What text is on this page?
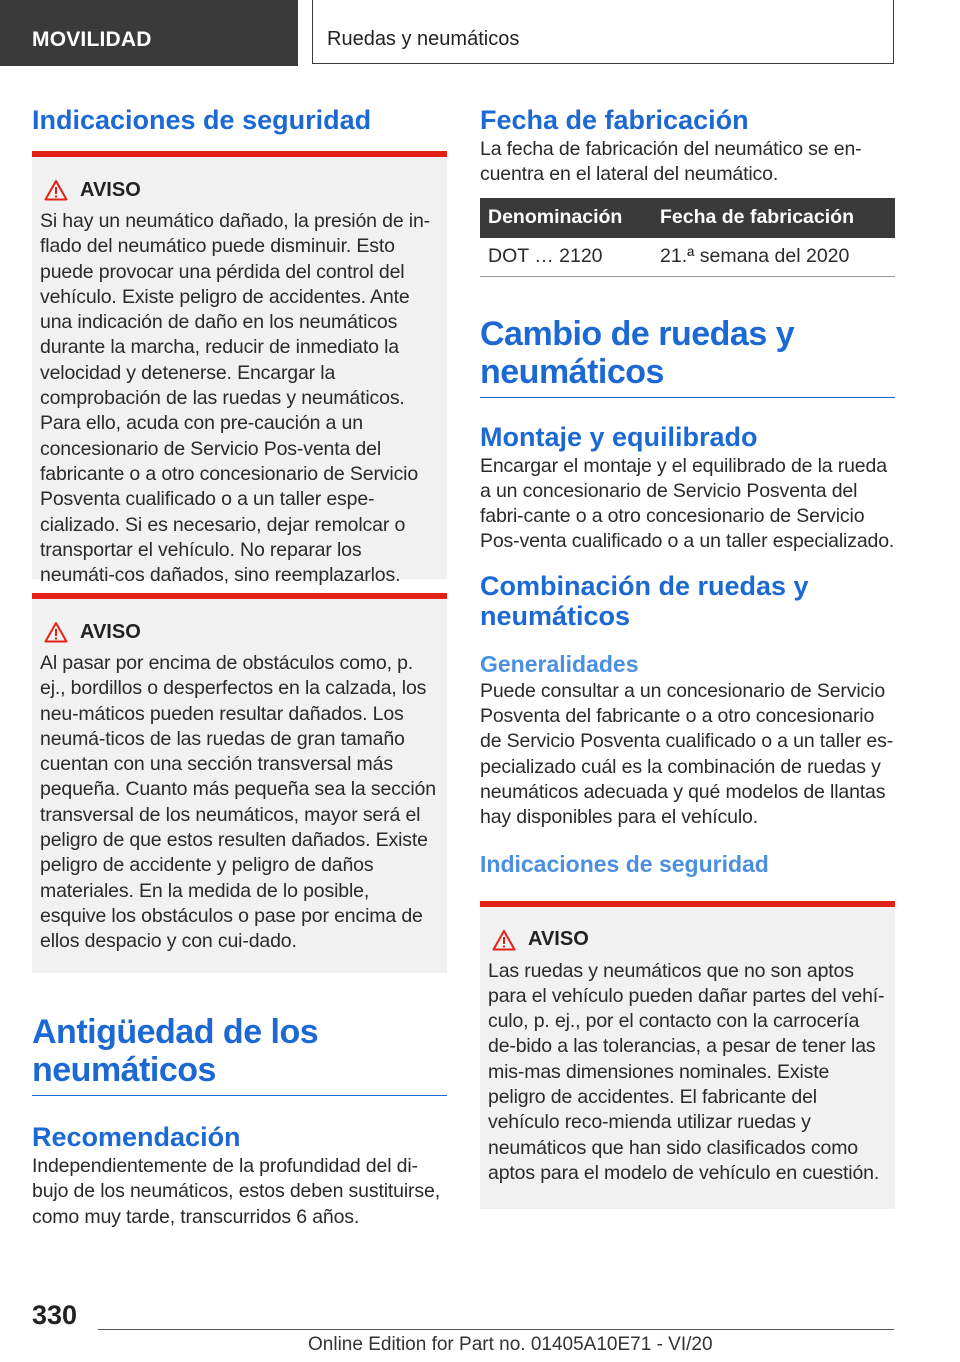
MOVILIDAD	Ruedas y neumáticos
Indicaciones de seguridad
AVISO

Si hay un neumático dañado, la presión de in-flado del neumático puede disminuir. Esto puede provocar una pérdida del control del vehículo. Existe peligro de accidentes. Ante una indicación de daño en los neumáticos durante la marcha, reducir de inmediato la velocidad y detenerse. Encargar la comprobación de las ruedas y neumáticos. Para ello, acuda con pre-caución a un concesionario de Servicio Pos-venta del fabricante o a otro concesionario de Servicio Posventa cualificado o a un taller espe-cializado. Si es necesario, dejar remolcar o transportar el vehículo. No reparar los neumáti-cos dañados, sino reemplazarlos.

AVISO

Al pasar por encima de obstáculos como, p. ej., bordillos o desperfectos en la calzada, los neu-máticos pueden resultar dañados. Los neumá-ticos de las ruedas de gran tamaño cuentan con una sección transversal más pequeña. Cuanto más pequeña sea la sección transversal de los neumáticos, mayor será el peligro de que estos resulten dañados. Existe peligro de accidente y peligro de daños materiales. En la medida de lo posible, esquive los obstáculos o pase por encima de ellos despacio y con cui-dado.

Antigüedad de los neumáticos
Recomendación

Independientemente de la profundidad del di-bujo de los neumáticos, estos deben sustituirse, como muy tarde, transcurridos 6 años.

Fecha de fabricación

La fecha de fabricación del neumático se en-cuentra en el lateral del neumático.

Denominación	Fecha de fabricación
DOT … 2120	21.ª semana del 2020
Cambio de ruedas y neumáticos
Montaje y equilibrado

Encargar el montaje y el equilibrado de la rueda a un concesionario de Servicio Posventa del fabri-cante o a otro concesionario de Servicio Pos-venta cualificado o a un taller especializado.

Combinación de ruedas y neumáticos
Generalidades

Puede consultar a un concesionario de Servicio Posventa del fabricante o a otro concesionario de Servicio Posventa cualificado o a un taller es-pecializado cuál es la combinación de ruedas y neumáticos adecuada y qué modelos de llantas hay disponibles para el vehículo.

Indicaciones de seguridad
AVISO

Las ruedas y neumáticos que no son aptos para el vehículo pueden dañar partes del vehí-culo, p. ej., por el contacto con la carrocería de-bido a las tolerancias, a pesar de tener las mis-mas dimensiones nominales. Existe peligro de accidentes. El fabricante del vehículo reco-mienda utilizar ruedas y neumáticos que han sido clasificados como aptos para el modelo de vehículo en cuestión.

330
Online Edition for Part no. 01405A10E71 - VI/20
